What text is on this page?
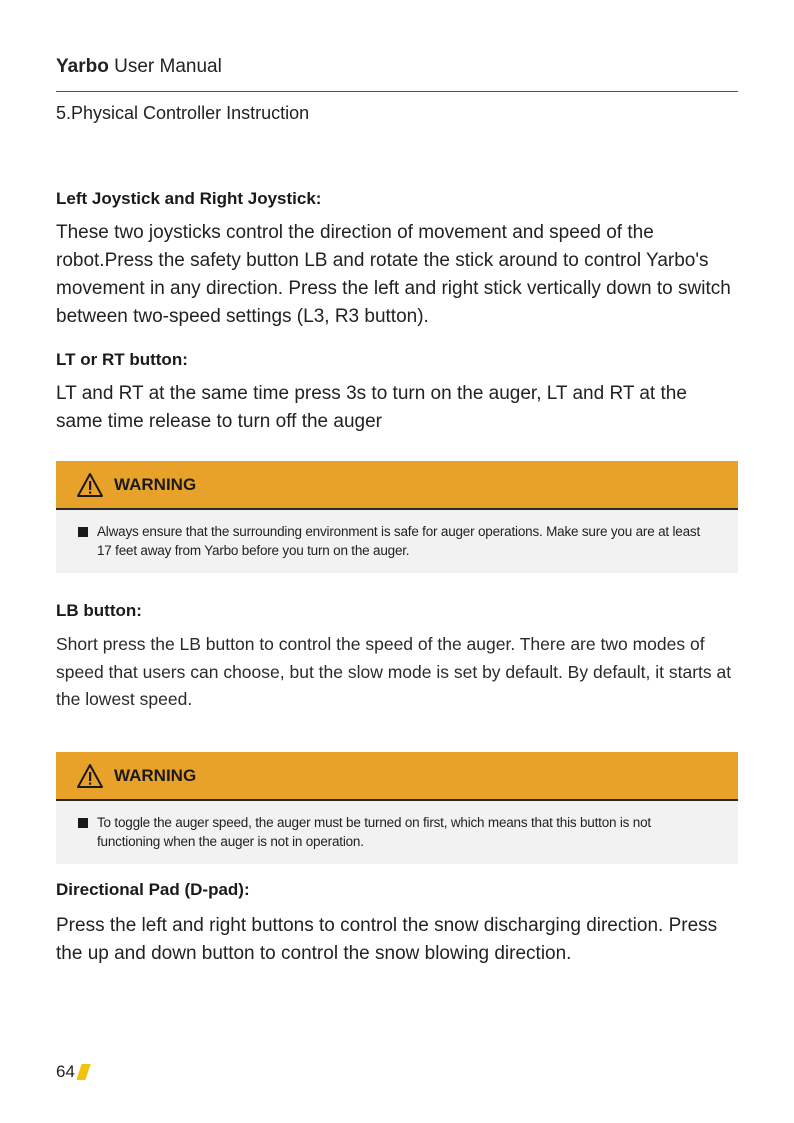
Yarbo User Manual
5.Physical Controller Instruction

Left Joystick and Right Joystick:

These two joysticks control the direction of movement and speed of the robot.Press the safety button LB and rotate the stick around to control Yarbo's movement in any direction. Press the left and right stick vertically down to switch between two-speed settings (L3, R3 button).

LT or RT button:

LT and RT at the same time press 3s to turn on the auger, LT and RT at the same time release to turn off the auger

WARNING
Always ensure that the surrounding environment is safe for auger operations. Make sure you are at least 17 feet away from Yarbo before you turn on the auger.

LB button:

Short press the LB button to control the speed of the auger. There are two modes of speed that users can choose, but the slow mode is set by default. By default, it starts at the lowest speed.

WARNING
To toggle the auger speed, the auger must be turned on first, which means that this button is not functioning when the auger is not in operation.

Directional Pad (D-pad):

Press the left and right buttons to control the snow discharging direction. Press the up and down button to control the snow blowing direction.

64
